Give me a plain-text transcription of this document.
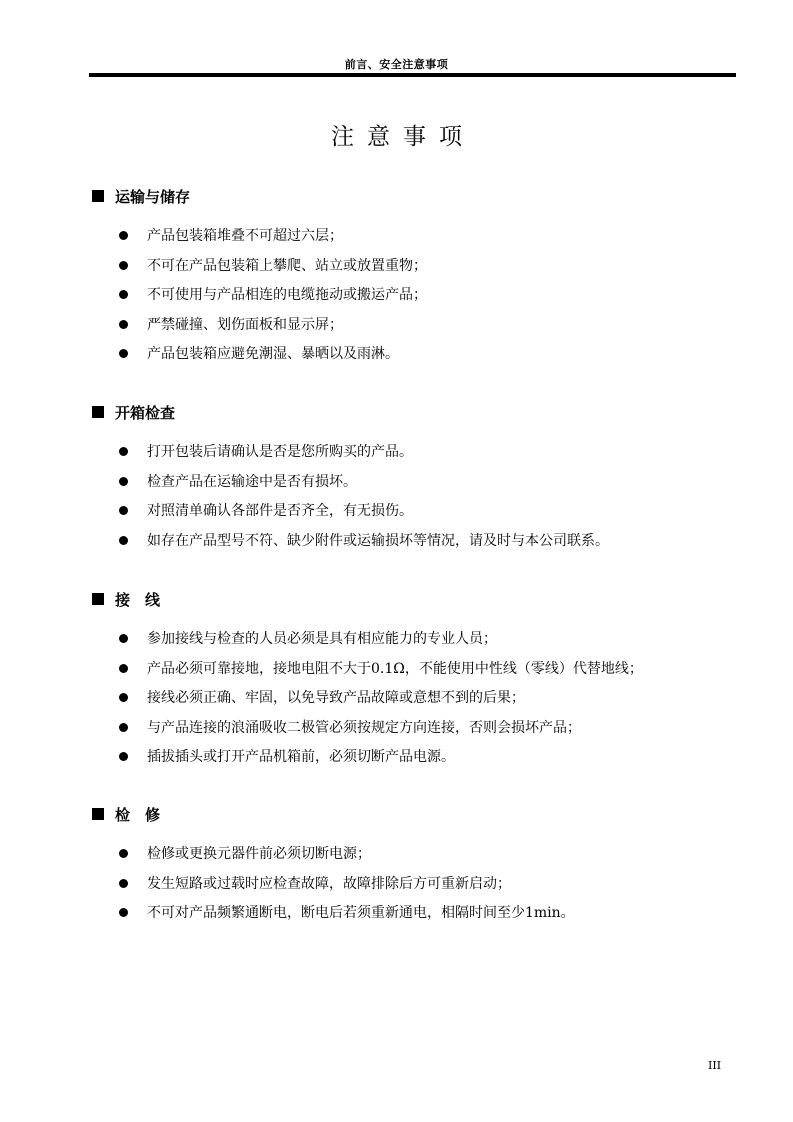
前言、安全注意事项
注意事项
运输与储存
产品包装箱堆叠不可超过六层；
不可在产品包装箱上攀爬、站立或放置重物；
不可使用与产品相连的电缆拖动或搬运产品；
严禁碰撞、划伤面板和显示屏；
产品包装箱应避免潮湿、暴晒以及雨淋。
开箱检查
打开包装后请确认是否是您所购买的产品。
检查产品在运输途中是否有损坏。
对照清单确认各部件是否齐全，有无损伤。
如存在产品型号不符、缺少附件或运输损坏等情况，请及时与本公司联系。
接　线
参加接线与检查的人员必须是具有相应能力的专业人员；
产品必须可靠接地，接地电阻不大于0.1Ω，不能使用中性线（零线）代替地线；
接线必须正确、牢固，以免导致产品故障或意想不到的后果；
与产品连接的浪涌吸收二极管必须按规定方向连接，否则会损坏产品；
插拔插头或打开产品机箱前，必须切断产品电源。
检　修
检修或更换元器件前必须切断电源；
发生短路或过载时应检查故障，故障排除后方可重新启动；
不可对产品频繁通断电，断电后若须重新通电，相隔时间至少1min。
III
